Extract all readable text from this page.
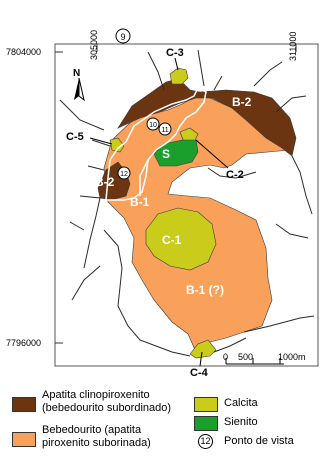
N
9
305000	311000
7804000
7796000
B-2
B-2
B-1
C-1
B-1 (?)
S
C-3
C-5
C-2
C-4
10
11
12
0 500	1000m
Apatita clinopiroxenito
(bebedourito subordinado)
Bebedourito (apatita
piroxenito suborinada)
Calcita
Sienito
12 Ponto de vista
